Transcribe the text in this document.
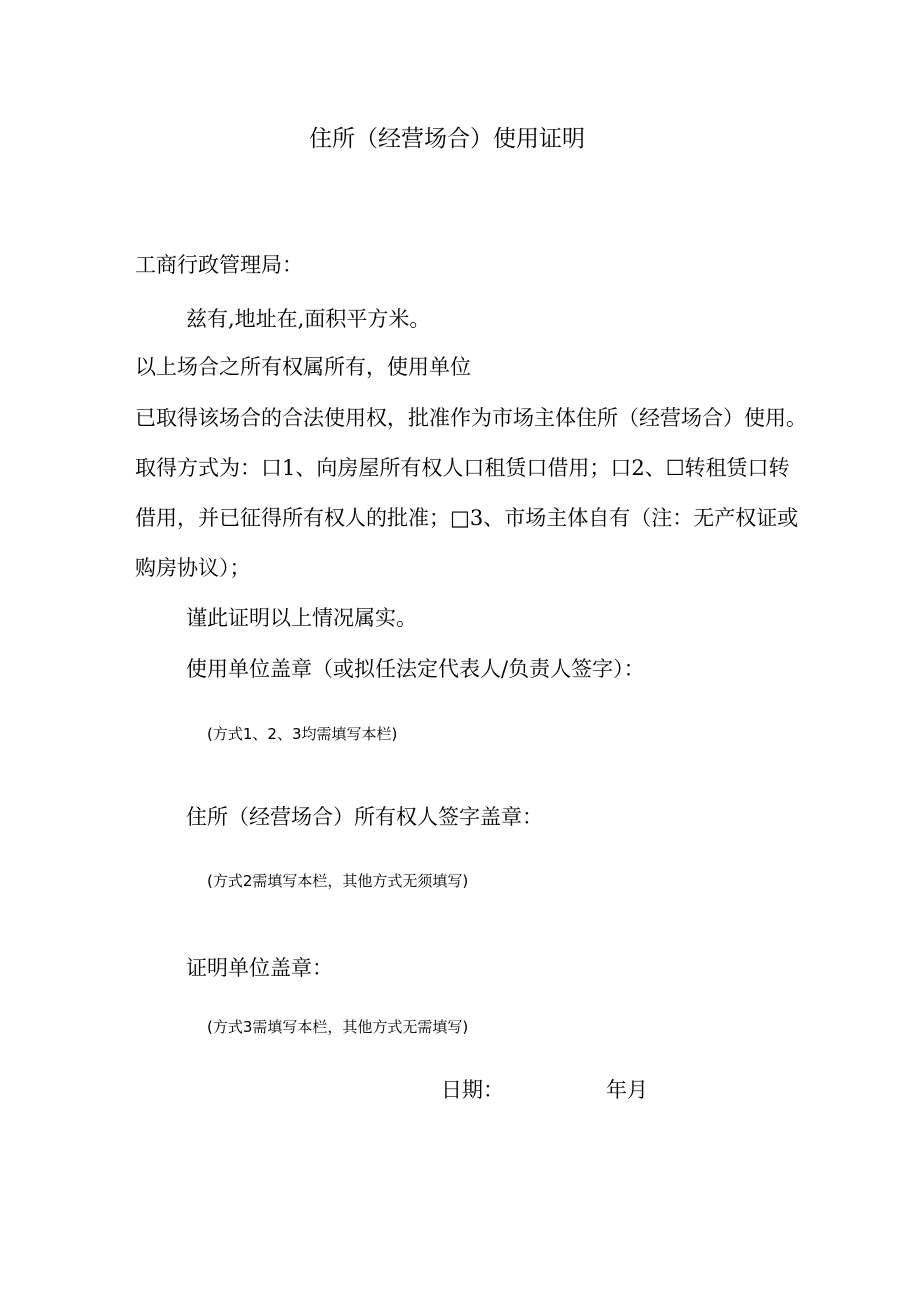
住所（经营场合）使用证明
工商行政管理局：
兹有,地址在,面积平方米。
以上场合之所有权属所有，使用单位
已取得该场合的合法使用权，批准作为市场主体住所（经营场合）使用。
取得方式为：口1、向房屋所有权人口租赁口借用；口2、☐转租赁口转
借用，并已征得所有权人的批准；□3、市场主体自有（注：无产权证或
购房协议）；
谨此证明以上情况属实。
使用单位盖章（或拟任法定代表人/负责人签字）：
(方式1、2、3均需填写本栏)
住所（经营场合）所有权人签字盖章：
(方式2需填写本栏，其他方式无须填写)
证明单位盖章：
(方式3需填写本栏，其他方式无需填写)
日期：	年月
